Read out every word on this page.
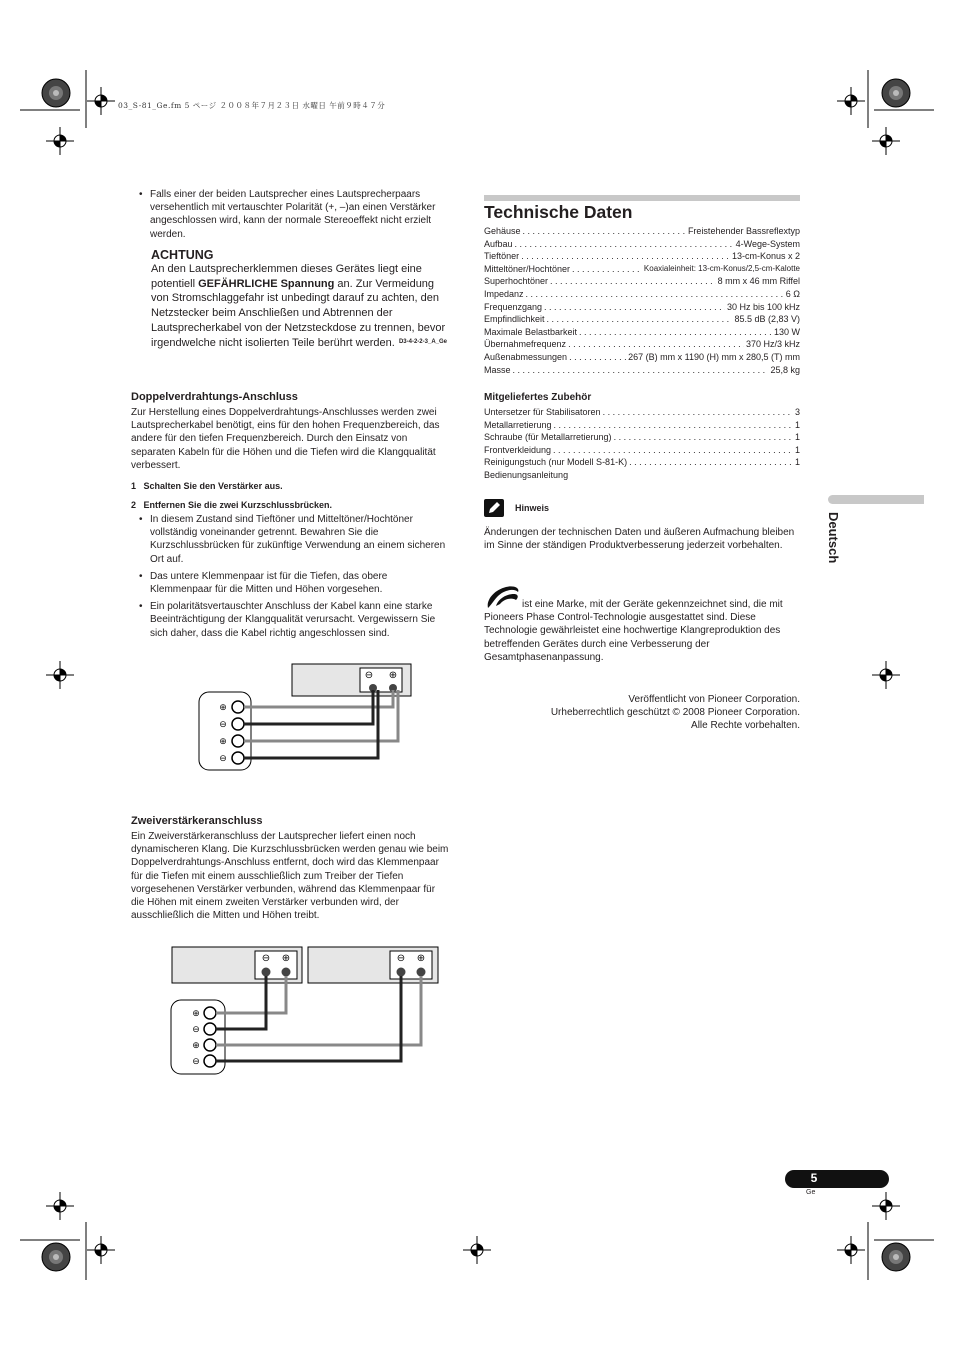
03_S-81_Ge.fm 5 ページ ２００８年７月２３日 水曜日 午前９時４７分
• Falls einer der beiden Lautsprecher eines Lautsprecherpaars versehentlich mit vertauschter Polarität (+, –)an einen Verstärker angeschlossen wird, kann der normale Stereoeffekt nicht erzielt werden.
ACHTUNG
An den Lautsprecherklemmen dieses Gerätes liegt eine potentiell GEFÄHRLICHE Spannung an. Zur Vermeidung von Stromschlaggefahr ist unbedingt darauf zu achten, den Netzstecker beim Anschließen und Abtrennen der Lautsprecherkabel von der Netzsteckdose zu trennen, bevor irgendwelche nicht isolierten Teile berührt werden. D3-4-2-2-3_A_Ge
Doppelverdrahtungs-Anschluss
Zur Herstellung eines Doppelverdrahtungs-Anschlusses werden zwei Lautsprecherkabel benötigt, eins für den hohen Frequenzbereich, das andere für den tiefen Frequenzbereich. Durch den Einsatz von separaten Kabeln für die Höhen und die Tiefen wird die Klangqualität verbessert.
1   Schalten Sie den Verstärker aus.
2   Entfernen Sie die zwei Kurzschlussbrücken.
• In diesem Zustand sind Tieftöner und Mitteltöner/Hochtöner vollständig voneinander getrennt. Bewahren Sie die Kurzschlussbrücken für zukünftige Verwendung an einem sicheren Ort auf.
• Das untere Klemmenpaar ist für die Tiefen, das obere Klemmenpaar für die Mitten und Höhen vorgesehen.
• Ein polaritätsvertauschter Anschluss der Kabel kann eine starke Beeinträchtigung der Klangqualität verursacht. Vergewissern Sie sich daher, dass die Kabel richtig angeschlossen sind.
⊖ ⊕
⊕
⊖
⊕
⊖
Zweiverstärkeranschluss
Ein Zweiverstärkeranschluss der Lautsprecher liefert einen noch dynamischeren Klang. Die Kurzschlussbrücken werden genau wie beim Doppelverdrahtungs-Anschluss entfernt, doch wird das Klemmenpaar für die Tiefen mit einem ausschließlich zum Treiber der Tiefen vorgesehenen Verstärker verbunden, während das Klemmenpaar für die Höhen mit einem zweiten Verstärker verbunden wird, der ausschließlich die Mitten und Höhen treibt.
⊖ ⊕	⊖ ⊕
⊕
⊖
⊕
⊖
Technische Daten
Gehäuse . . .	Freistehender Bassreflextyp
Aufbau . . .	4-Wege-System
Tieftöner . . .	13-cm-Konus x 2
Mitteltöner/Hochtöner . . .	Koaxialeinheit: 13-cm-Konus/2,5-cm-Kalotte
Superhochtöner . . .	8 mm x 46 mm Riffel
Impedanz . . .	6 Ω
Frequenzgang . . .	30 Hz bis 100 kHz
Empfindlichkeit . . .	85.5 dB (2,83 V)
Maximale Belastbarkeit . . .	130 W
Übernahmefrequenz . . .	370 Hz/3 kHz
Außenabmessungen . . .	267 (B) mm x 1190 (H) mm x 280,5 (T) mm
Masse . . .	25,8 kg
Mitgeliefertes Zubehör
Untersetzer für Stabilisatoren . . .	3
Metallarretierung . . .	1
Schraube (für Metallarretierung) . . .	1
Frontverkleidung . . .	1
Reinigungstuch (nur Modell S-81-K) . . .	1
Bedienungsanleitung
Hinweis
Änderungen der technischen Daten und äußeren Aufmachung bleiben im Sinne der ständigen Produktverbesserung jederzeit vorbehalten.
ist eine Marke, mit der Geräte gekennzeichnet sind, die mit Pioneers Phase Control-Technologie ausgestattet sind. Diese Technologie gewährleistet eine hochwertige Klangreproduktion des betreffenden Gerätes durch eine Verbesserung der Gesamtphasenanpassung.
Veröffentlicht von Pioneer Corporation.
Urheberrechtlich geschützt © 2008 Pioneer Corporation.
Alle Rechte vorbehalten.
Deutsch
5
Ge
